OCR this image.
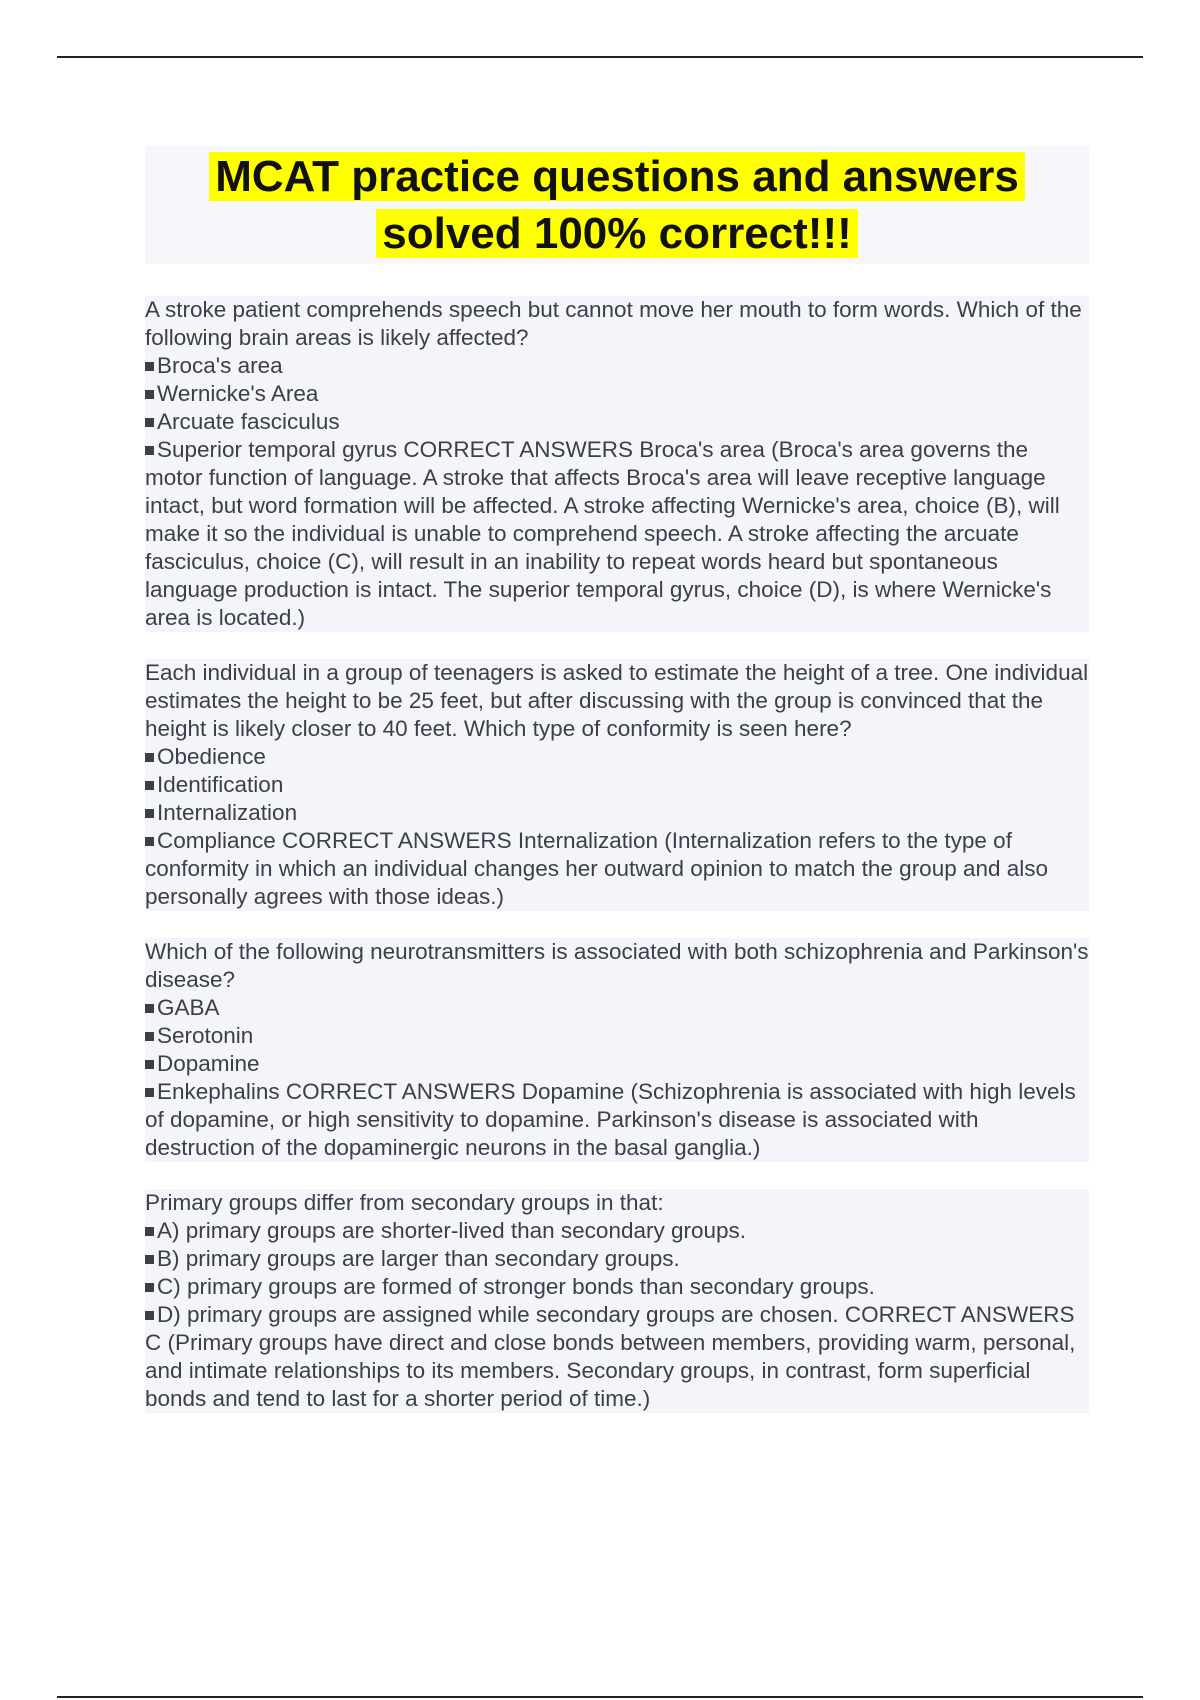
MCAT practice questions and answers
solved 100% correct!!!
A stroke patient comprehends speech but cannot move her mouth to form words. Which of the following brain areas is likely affected?
Broca's area
Wernicke's Area
Arcuate fasciculus
Superior temporal gyrus CORRECT ANSWERS Broca's area (Broca's area governs the motor function of language. A stroke that affects Broca's area will leave receptive language intact, but word formation will be affected. A stroke affecting Wernicke's area, choice (B), will make it so the individual is unable to comprehend speech. A stroke affecting the arcuate fasciculus, choice (C), will result in an inability to repeat words heard but spontaneous language production is intact. The superior temporal gyrus, choice (D), is where Wernicke's area is located.)
Each individual in a group of teenagers is asked to estimate the height of a tree. One individual estimates the height to be 25 feet, but after discussing with the group is convinced that the height is likely closer to 40 feet. Which type of conformity is seen here?
Obedience
Identification
Internalization
Compliance CORRECT ANSWERS Internalization (Internalization refers to the type of conformity in which an individual changes her outward opinion to match the group and also personally agrees with those ideas.)
Which of the following neurotransmitters is associated with both schizophrenia and Parkinson's disease?
GABA
Serotonin
Dopamine
Enkephalins CORRECT ANSWERS Dopamine (Schizophrenia is associated with high levels of dopamine, or high sensitivity to dopamine. Parkinson's disease is associated with destruction of the dopaminergic neurons in the basal ganglia.)
Primary groups differ from secondary groups in that:
A) primary groups are shorter-lived than secondary groups.
B) primary groups are larger than secondary groups.
C) primary groups are formed of stronger bonds than secondary groups.
D) primary groups are assigned while secondary groups are chosen. CORRECT ANSWERS C (Primary groups have direct and close bonds between members, providing warm, personal, and intimate relationships to its members. Secondary groups, in contrast, form superficial bonds and tend to last for a shorter period of time.)
